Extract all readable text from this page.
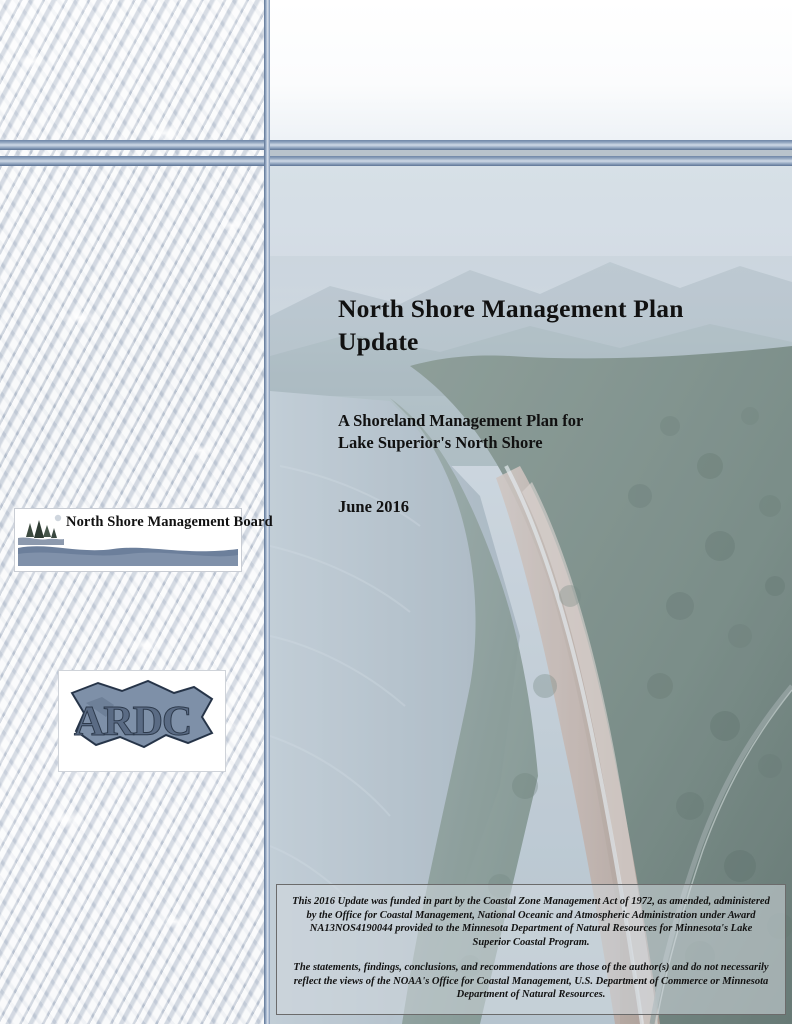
North Shore Management Plan Update
A Shoreland Management Plan for
Lake Superior's North Shore
June 2016
North Shore Management Board
ARDC

This 2016 Update was funded in part by the Coastal Zone Management Act of 1972, as amended, administered by the Office for Coastal Management, National Oceanic and Atmospheric Administration under Award NA13NOS4190044 provided to the Minnesota Department of Natural Resources for Minnesota's Lake Superior Coastal Program.

The statements, findings, conclusions, and recommendations are those of the author(s) and do not necessarily reflect the views of the NOAA's Office for Coastal Management, U.S. Department of Commerce or Minnesota Department of Natural Resources.
